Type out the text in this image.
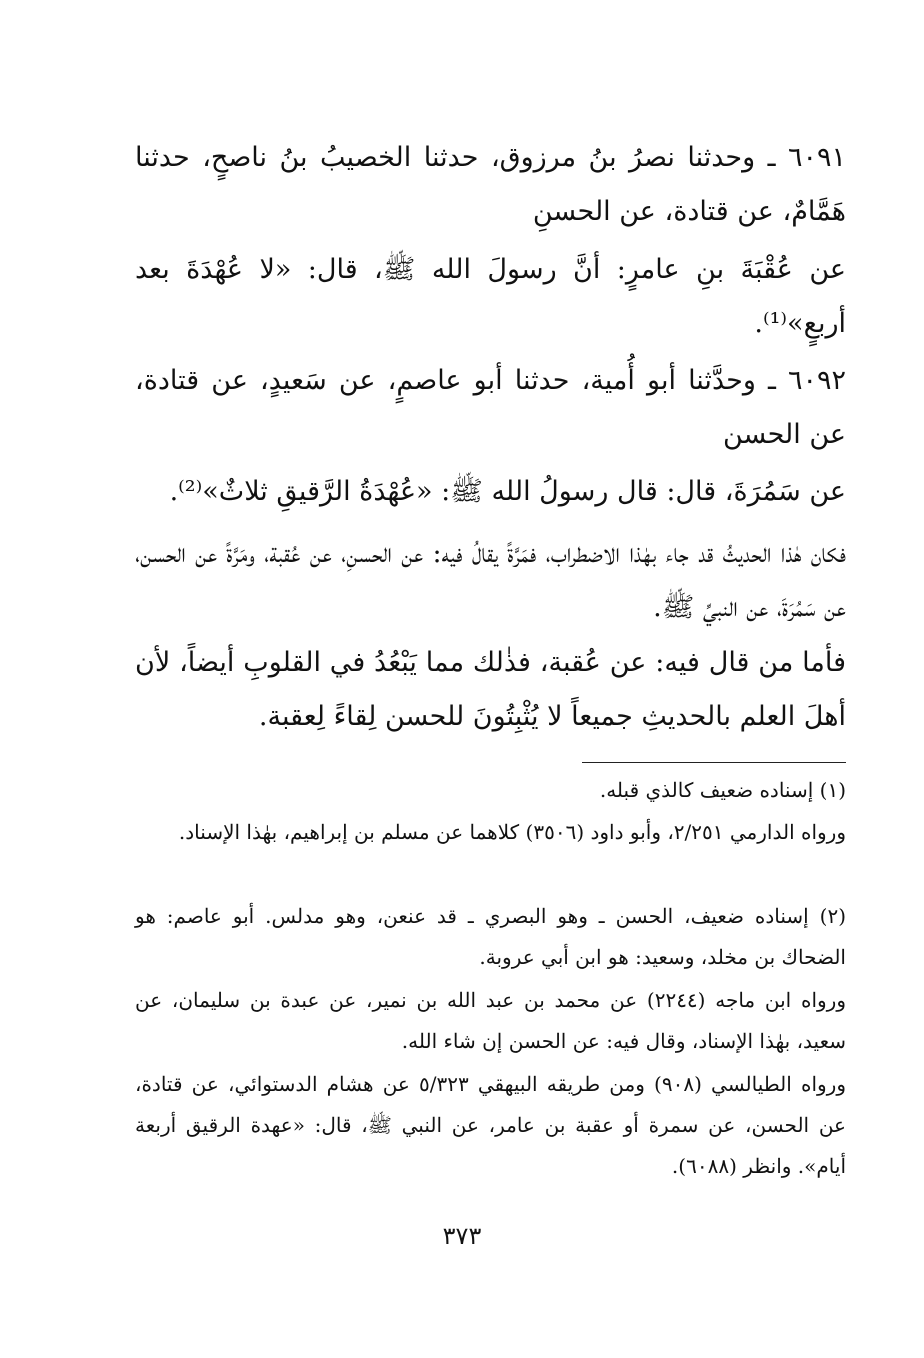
٦٠٩١ ـ وحدثنا نصرُ بنُ مرزوق، حدثنا الخصيبُ بنُ ناصحٍ، حدثنا هَمَّامٌ، عن قتادة، عن الحسنِ

عن عُقْبَةَ بنِ عامرٍ: أنَّ رسولَ الله ﷺ، قال: «لا عُهْدَةَ بعد أربعٍ»⁽¹⁾.

٦٠٩٢ ـ وحدَّثنا أبو أُمية، حدثنا أبو عاصمٍ، عن سَعيدٍ، عن قتادة، عن الحسن

عن سَمُرَةَ، قال: قال رسولُ الله ﷺ: «عُهْدَةُ الرَّقيقِ ثلاثٌ»⁽²⁾.

فكان هٰذا الحديثُ قد جاء بهٰذا الاضطراب، فمَرَّةً يقالُ فيه: عن الحسنِ، عن عُقبة، ومَرَّةً عن الحسن، عن سَمُرَةَ، عن النبيِّ ﷺ.

فأما من قال فيه: عن عُقبة، فذٰلك مما يَبْعُدُ في القلوبِ أيضاً، لأن أهلَ العلم بالحديثِ جميعاً لا يُثْبِتُونَ للحسن لِقاءً لِعقبة.

(١) إسناده ضعيف كالذي قبله.
ورواه الدارمي ٢/٢٥١، وأبو داود (٣٥٠٦) كلاهما عن مسلم بن إبراهيم، بهٰذا الإسناد.
(٢) إسناده ضعيف، الحسن ـ وهو البصري ـ قد عنعن، وهو مدلس. أبو عاصم: هو الضحاك بن مخلد، وسعيد: هو ابن أبي عروبة.
ورواه ابن ماجه (٢٢٤٤) عن محمد بن عبد الله بن نمير، عن عبدة بن سليمان، عن سعيد، بهٰذا الإسناد، وقال فيه: عن الحسن إن شاء الله.
ورواه الطيالسي (٩٠٨) ومن طريقه البيهقي ٥/٣٢٣ عن هشام الدستوائي، عن قتادة، عن الحسن، عن سمرة أو عقبة بن عامر، عن النبي ﷺ، قال: «عهدة الرقيق أربعة أيام». وانظر (٦٠٨٨).
٣٧٣
